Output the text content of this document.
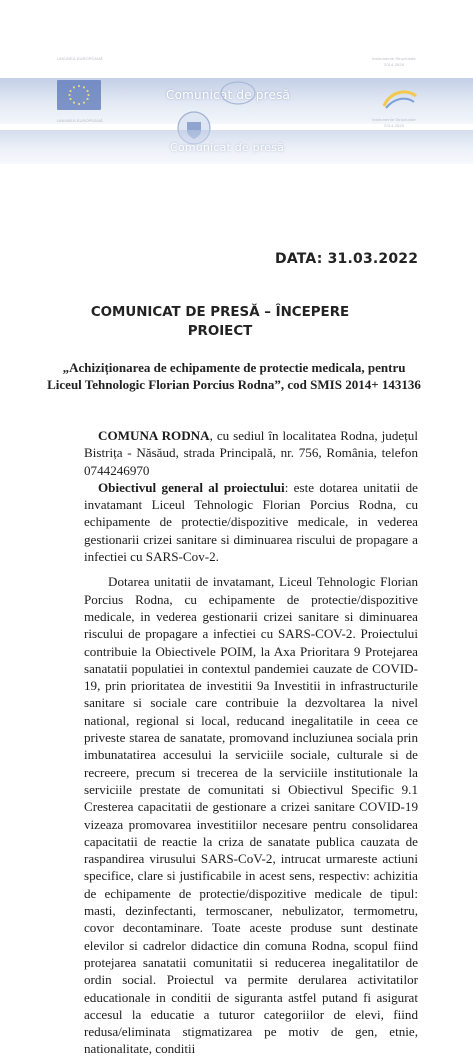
UNIUNEA EUROPEANĂ	Instrumente Structurale
2014-2020
Comunicat de presă
UNIUNEA EUROPEANĂ	Instrumente Structurale
2014-2020
Comunicat de presă
DATA: 31.03.2022
COMUNICAT DE PRESĂ – ÎNCEPERE
PROIECT
„Achiziționarea de echipamente de protectie medicala, pentru Liceul Tehnologic Florian Porcius Rodna”, cod SMIS 2014+ 143136

COMUNA RODNA, cu sediul în localitatea Rodna, județul Bistrița - Năsăud, strada Principală, nr. 756, România, telefon 0744246970

Obiectivul general al proiectului: este dotarea unitatii de invatamant Liceul Tehnologic Florian Porcius Rodna, cu echipamente de protectie/dispozitive medicale, in vederea gestionarii crizei sanitare si diminuarea riscului de propagare a infectiei cu SARS-Cov-2.

Dotarea unitatii de invatamant, Liceul Tehnologic Florian Porcius Rodna, cu echipamente de protectie/dispozitive medicale, in vederea gestionarii crizei sanitare si diminuarea riscului de propagare a infectiei cu SARS-COV-2. Proiectului contribuie la Obiectivele POIM, la Axa Prioritara 9 Protejarea sanatatii populatiei in contextul pandemiei cauzate de COVID-19, prin prioritatea de investitii 9a Investitii in infrastructurile sanitare si sociale care contribuie la dezvoltarea la nivel national, regional si local, reducand inegalitatile in ceea ce priveste starea de sanatate, promovand incluziunea sociala prin imbunatatirea accesului la serviciile sociale, culturale si de recreere, precum si trecerea de la serviciile institutionale la serviciile prestate de comunitati si Obiectivul Specific 9.1 Cresterea capacitatii de gestionare a crizei sanitare COVID-19 vizeaza promovarea investitiilor necesare pentru consolidarea capacitatii de reactie la criza de sanatate publica cauzata de raspandirea virusului SARS-CoV-2, intrucat urmareste actiuni specifice, clare si justificabile in acest sens, respectiv: achizitia de echipamente de protectie/dispozitive medicale de tipul: masti, dezinfectanti, termoscaner, nebulizator, termometru, covor decontaminare. Toate aceste produse sunt destinate elevilor si cadrelor didactice din comuna Rodna, scopul fiind protejarea sanatatii comunitatii si reducerea inegalitatilor de ordin social. Proiectul va permite derularea activitatilor educationale in conditii de siguranta astfel putand fi asigurat accesul la educatie a tuturor categoriilor de elevi, fiind redusa/eliminata stigmatizarea pe motiv de gen, etnie, nationalitate, conditii
